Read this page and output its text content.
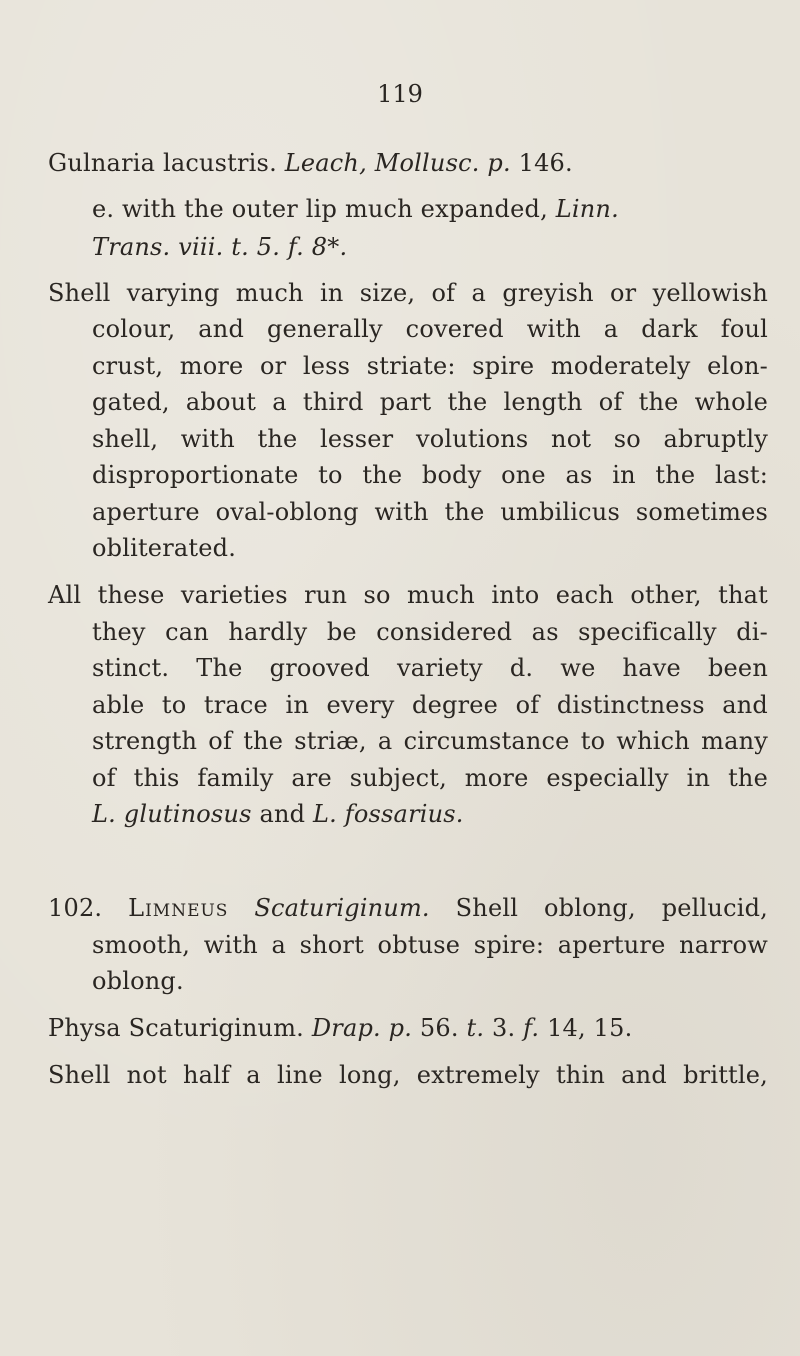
119
Gulnaria lacustris. Leach, Mollusc. p. 146.
e. with the outer lip much expanded, Linn.
Trans. viii. t. 5. f. 8*.
Shell varying much in size, of a greyish or yellowish
colour, and generally covered with a dark foul
crust, more or less striate: spire moderately elon-
gated, about a third part the length of the whole
shell, with the lesser volutions not so abruptly
disproportionate to the body one as in the last:
aperture oval-oblong with the umbilicus sometimes
obliterated.
All these varieties run so much into each other, that
they can hardly be considered as specifically di-
stinct. The grooved variety d. we have been
able to trace in every degree of distinctness and
strength of the striæ, a circumstance to which many
of this family are subject, more especially in the
L. glutinosus and L. fossarius.
102. Limneus Scaturiginum. Shell oblong, pellucid,
smooth, with a short obtuse spire: aperture narrow
oblong.
Physa Scaturiginum. Drap. p. 56. t. 3. f. 14, 15.
Shell not half a line long, extremely thin and brittle,
